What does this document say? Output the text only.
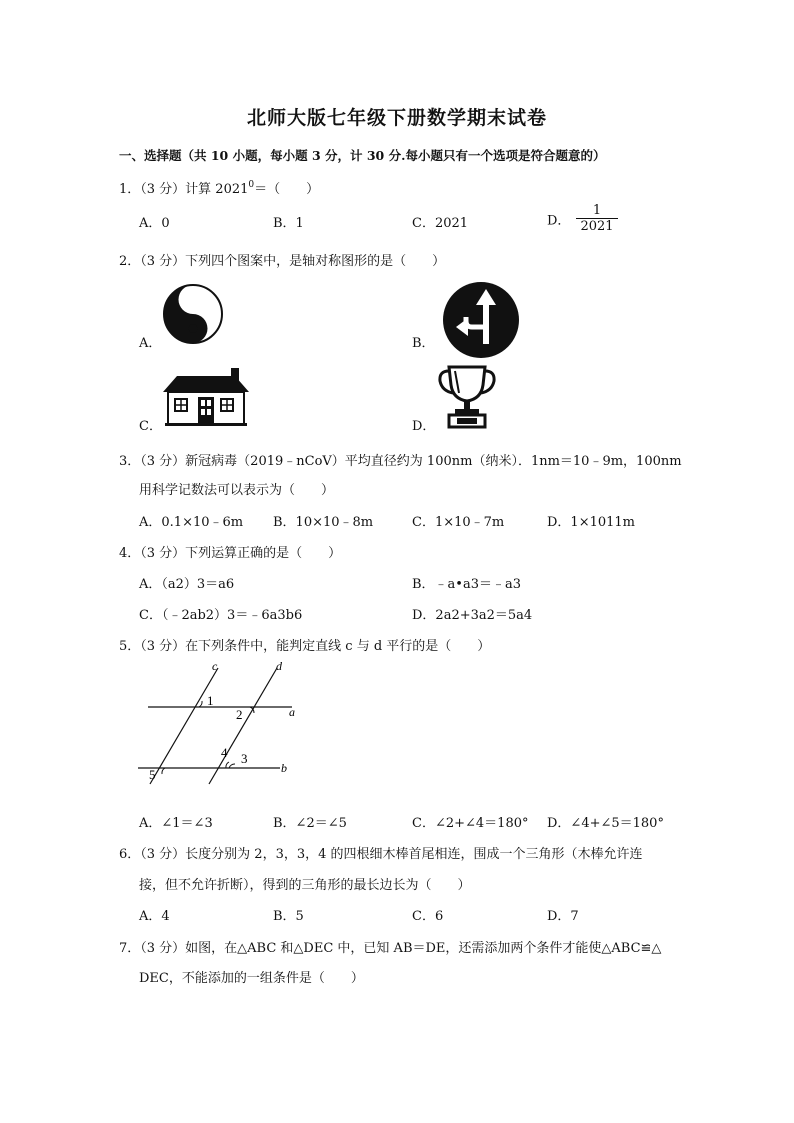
北师大版七年级下册数学期末试卷
一、选择题（共 10 小题，每小题 3 分，计 30 分.每小题只有一个选项是符合题意的）
1．（3 分）计算 $2021^0=$（　　）
A．0	B．1	C．2021	D． $\frac{1}{2021}$
2．（3 分）下列四个图案中，是轴对称图形的是（　　）
A．	B．
C．	D．
3．（3 分）新冠病毒（2019﹣nCoV）平均直径约为 100nm（纳米）．1nm＝10﹣9m，100nm
用科学记数法可以表示为（　　）
A．0.1×10﹣6m B．10×10﹣8m	C．1×10﹣7m	D．1×1011m
4．（3 分）下列运算正确的是（　　）
A．（a2）3＝a6	B．﹣a•a3＝﹣a3
C．（﹣2ab2）3＝﹣6a3b6	D．2a2+3a2＝5a4
5．（3 分）在下列条件中，能判定直线 c 与 d 平行的是（　　）
c	d
a
b
1
2
3
4
5
A．∠1＝∠3	B．∠2＝∠5	C．∠2+∠4＝180° D．∠4+∠5＝180°
6．（3 分）长度分别为 2，3，3，4 的四根细木棒首尾相连，围成一个三角形（木棒允许连
接，但不允许折断），得到的三角形的最长边长为（　　）
A．4	B．5	C．6	D．7
7．（3 分）如图，在△ABC 和△DEC 中，已知 AB＝DE，还需添加两个条件才能使△ABC≌△
DEC，不能添加的一组条件是（　　）
